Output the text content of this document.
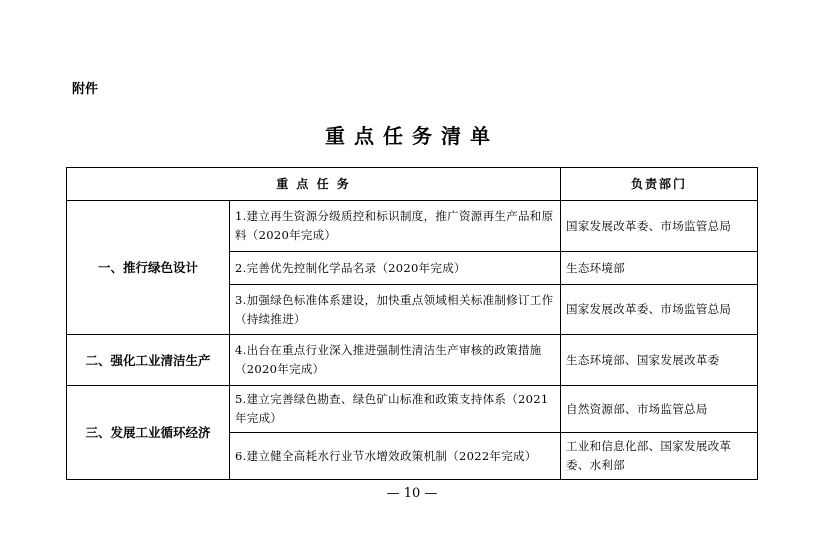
附件
重点任务清单
重 点 任 务		负责部门
一、推行绿色设计	1.建立再生资源分级质控和标识制度，推广资源再生产品和原料（2020年完成）	国家发展改革委、市场监管总局
	2.完善优先控制化学品名录（2020年完成）	生态环境部
	3.加强绿色标准体系建设，加快重点领域相关标准制修订工作（持续推进）	国家发展改革委、市场监管总局
二、强化工业清洁生产	4.出台在重点行业深入推进强制性清洁生产审核的政策措施（2020年完成）	生态环境部、国家发展改革委
三、发展工业循环经济	5.建立完善绿色勘查、绿色矿山标准和政策支持体系（2021年完成）	自然资源部、市场监管总局
	6.建立健全高耗水行业节水增效政策机制（2022年完成）	工业和信息化部、国家发展改革委、水利部
— 10 —
